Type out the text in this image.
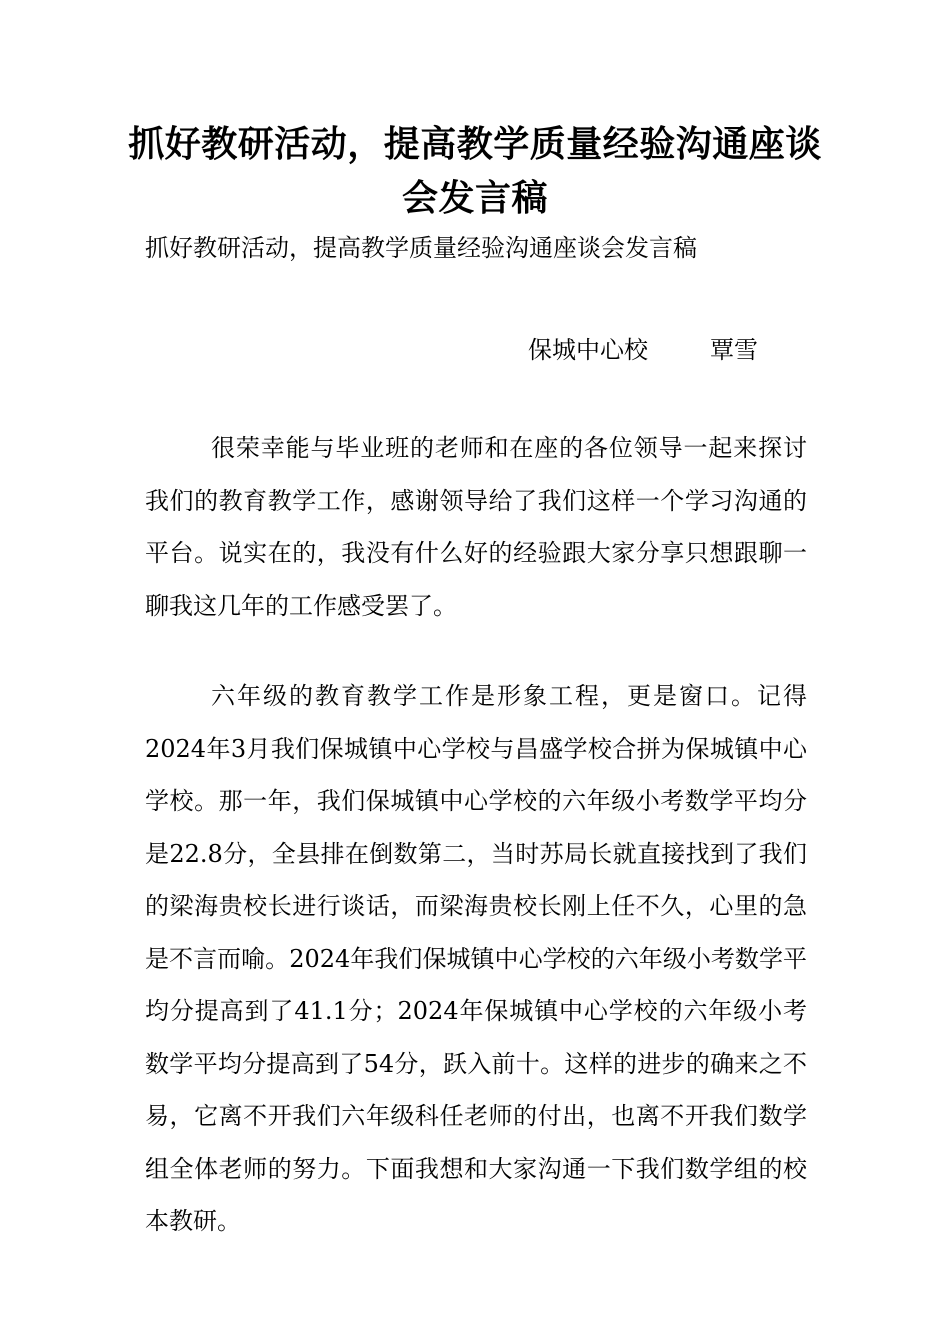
抓好教研活动，提高教学质量经验沟通座谈会发言稿
抓好教研活动，提高教学质量经验沟通座谈会发言稿
保城中心校	覃雪
很荣幸能与毕业班的老师和在座的各位领导一起来探讨我们的教育教学工作，感谢领导给了我们这样一个学习沟通的平台。说实在的，我没有什么好的经验跟大家分享只想跟聊一聊我这几年的工作感受罢了。
六年级的教育教学工作是形象工程，更是窗口。记得2024年3月我们保城镇中心学校与昌盛学校合拼为保城镇中心学校。那一年，我们保城镇中心学校的六年级小考数学平均分是22.8分，全县排在倒数第二，当时苏局长就直接找到了我们的梁海贵校长进行谈话，而梁海贵校长刚上任不久，心里的急是不言而喻。2024年我们保城镇中心学校的六年级小考数学平均分提高到了41.1分；2024年保城镇中心学校的六年级小考数学平均分提高到了54分，跃入前十。这样的进步的确来之不易，它离不开我们六年级科任老师的付出，也离不开我们数学组全体老师的努力。下面我想和大家沟通一下我们数学组的校本教研。
